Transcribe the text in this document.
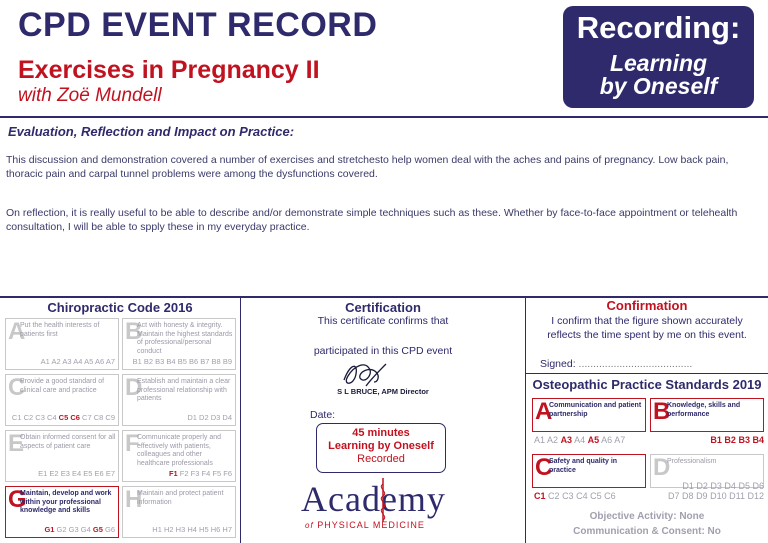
CPD EVENT RECORD
Exercises in Pregnancy II
with Zoë Mundell
Recording:
Learning
by Oneself
Evaluation, Reflection and Impact on Practice:
This discussion and demonstration covered a number of exercises and stretchesto help women deal with the aches and pains of pregnancy. Low back pain, thoracic pain and carpal tunnel problems were among the dysfunctions covered.
On reflection, it is really useful to be able to describe and/or demonstrate simple techniques such as these. Whether by face-to-face appointment or telehealth consultation, I will be able to spply these in my everyday practice.
Chiropractic Code 2016
A
Put the health interests of patients first
A1 A2 A3 A4 A5 A6 A7
B
Act with honesty & integrity. Maintain the highest standards of professional/personal conduct
B1 B2 B3 B4 B5 B6 B7 B8 B9
C
Provide a good standard of clinical care and practice
C1 C2 C3 C4 C5 C6 C7 C8 C9
D
Establish and maintain a clear professional relationship with patients
D1 D2 D3 D4
E
Obtain informed consent for all aspects of patient care
E1 E2 E3 E4 E5 E6 E7
F
Communicate properly and effectively with patients, colleagues and other healthcare professionals
F1 F2 F3 F4 F5 F6
G
Maintain, develop and work within your professional knowledge and skills
G1 G2 G3 G4 G5 G6
H
Maintain and protect patient information
H1 H2 H3 H4 H5 H6 H7
Certification
This certificate confirms that
participated in this CPD event
S L BRUCE, APM Director
Date:
45 minutes
Learning by Oneself
Recorded
Academy
of PHYSICAL MEDICINE
Confirmation
I confirm that the figure shown accurately reflects the time spent by me on this event.
Signed: .......................................
Osteopathic Practice Standards 2019
A
Communication and patient partnership	B
Knowledge, skills and performance
C
Safety and quality in practice	D
Professionalism
A1 A2 A3 A4 A5 A6 A7	B1 B2 B3 B4
C1 C2 C3 C4 C5 C6
D1 D2 D3 D4 D5 D6
D7 D8 D9 D10 D11 D12
Objective Activity: None
Communication & Consent: No
